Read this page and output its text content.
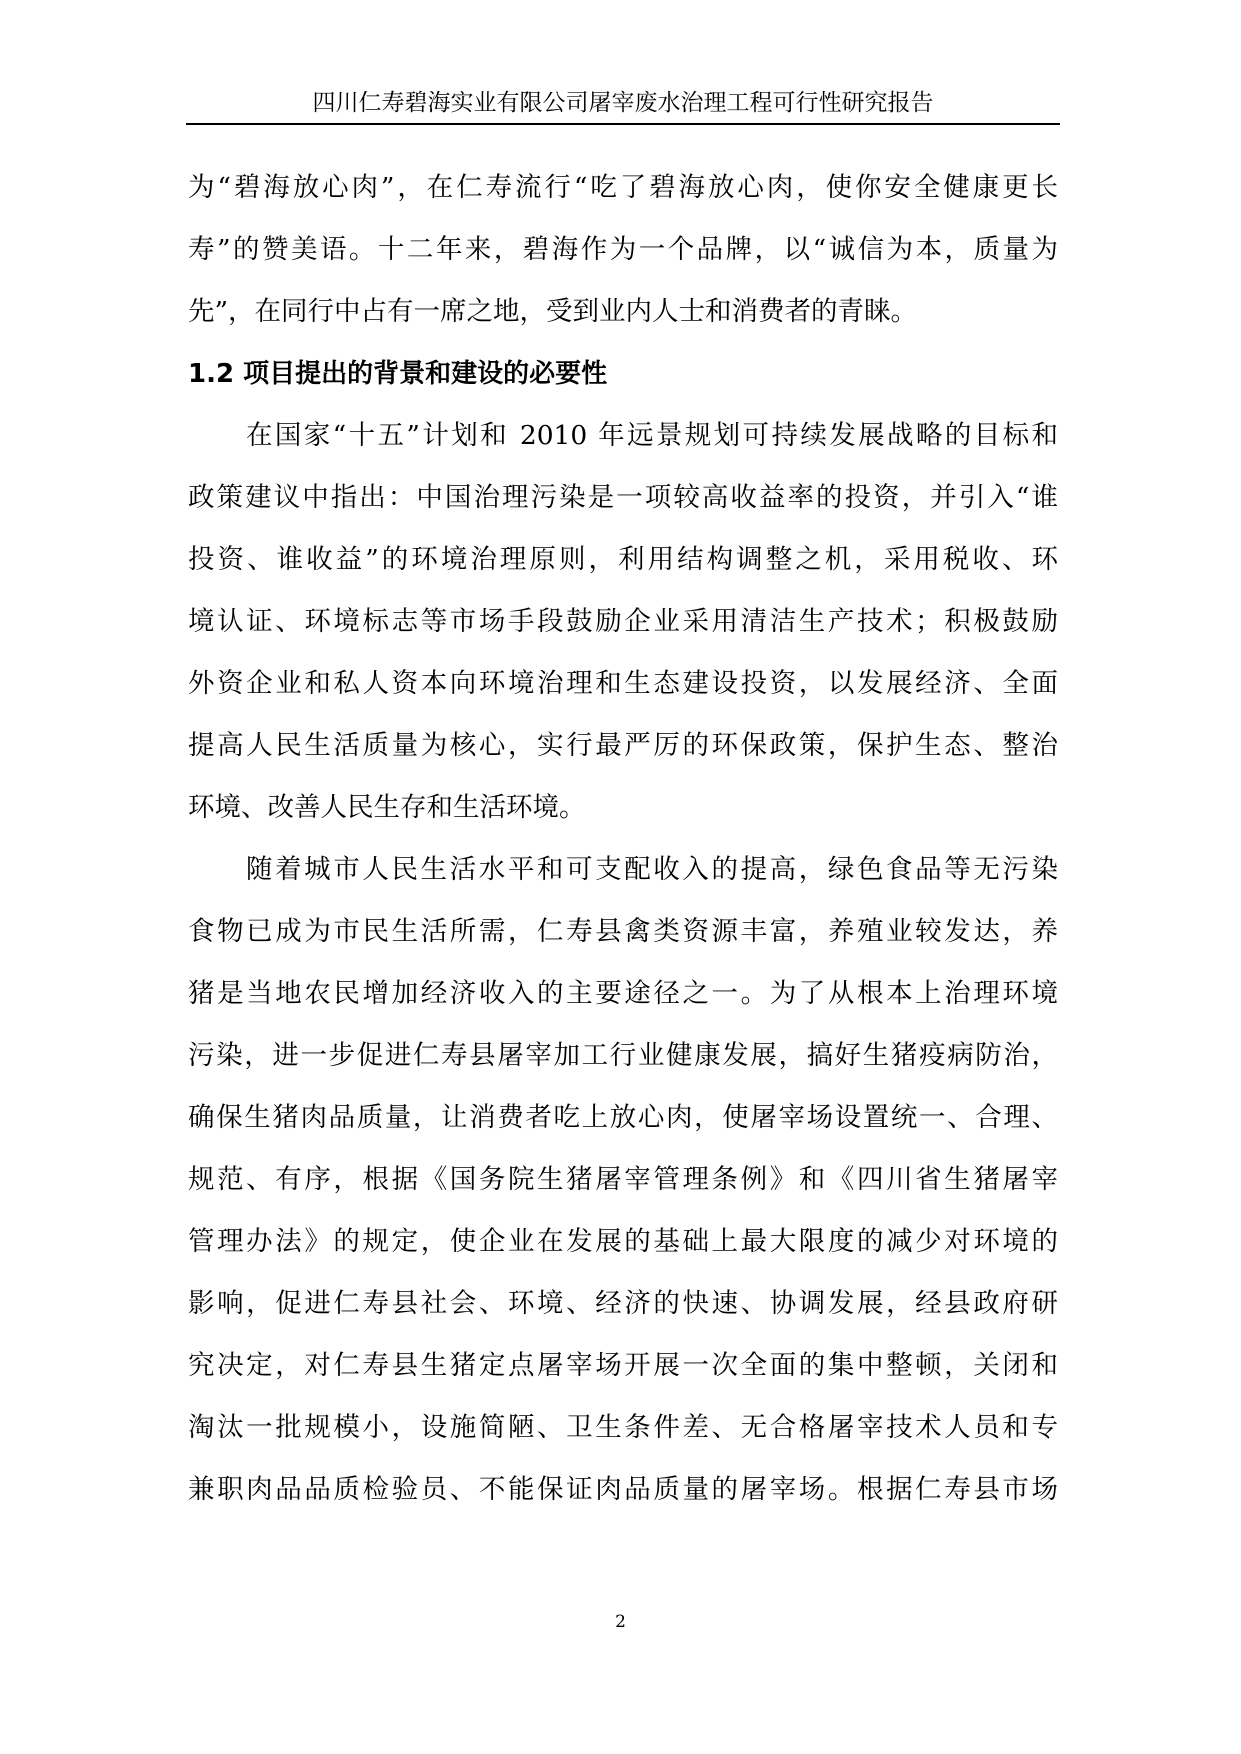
四川仁寿碧海实业有限公司屠宰废水治理工程可行性研究报告
为“碧海放心肉”，在仁寿流行“吃了碧海放心肉，使你安全健康更长
寿”的赞美语。十二年来，碧海作为一个品牌，以“诚信为本，质量为
先”，在同行中占有一席之地，受到业内人士和消费者的青睐。
1.2 项目提出的背景和建设的必要性
在国家“十五”计划和 2010 年远景规划可持续发展战略的目标和
政策建议中指出：中国治理污染是一项较高收益率的投资，并引入“谁
投资、谁收益”的环境治理原则，利用结构调整之机，采用税收、环
境认证、环境标志等市场手段鼓励企业采用清洁生产技术；积极鼓励
外资企业和私人资本向环境治理和生态建设投资，以发展经济、全面
提高人民生活质量为核心，实行最严厉的环保政策，保护生态、整治
环境、改善人民生存和生活环境。
随着城市人民生活水平和可支配收入的提高，绿色食品等无污染
食物已成为市民生活所需，仁寿县禽类资源丰富，养殖业较发达，养
猪是当地农民增加经济收入的主要途径之一。为了从根本上治理环境
污染，进一步促进仁寿县屠宰加工行业健康发展，搞好生猪疫病防治，
确保生猪肉品质量，让消费者吃上放心肉，使屠宰场设置统一、合理、
规范、有序，根据《国务院生猪屠宰管理条例》和《四川省生猪屠宰
管理办法》的规定，使企业在发展的基础上最大限度的减少对环境的
影响，促进仁寿县社会、环境、经济的快速、协调发展，经县政府研
究决定，对仁寿县生猪定点屠宰场开展一次全面的集中整顿，关闭和
淘汰一批规模小，设施简陋、卫生条件差、无合格屠宰技术人员和专
兼职肉品品质检验员、不能保证肉品质量的屠宰场。根据仁寿县市场
2
